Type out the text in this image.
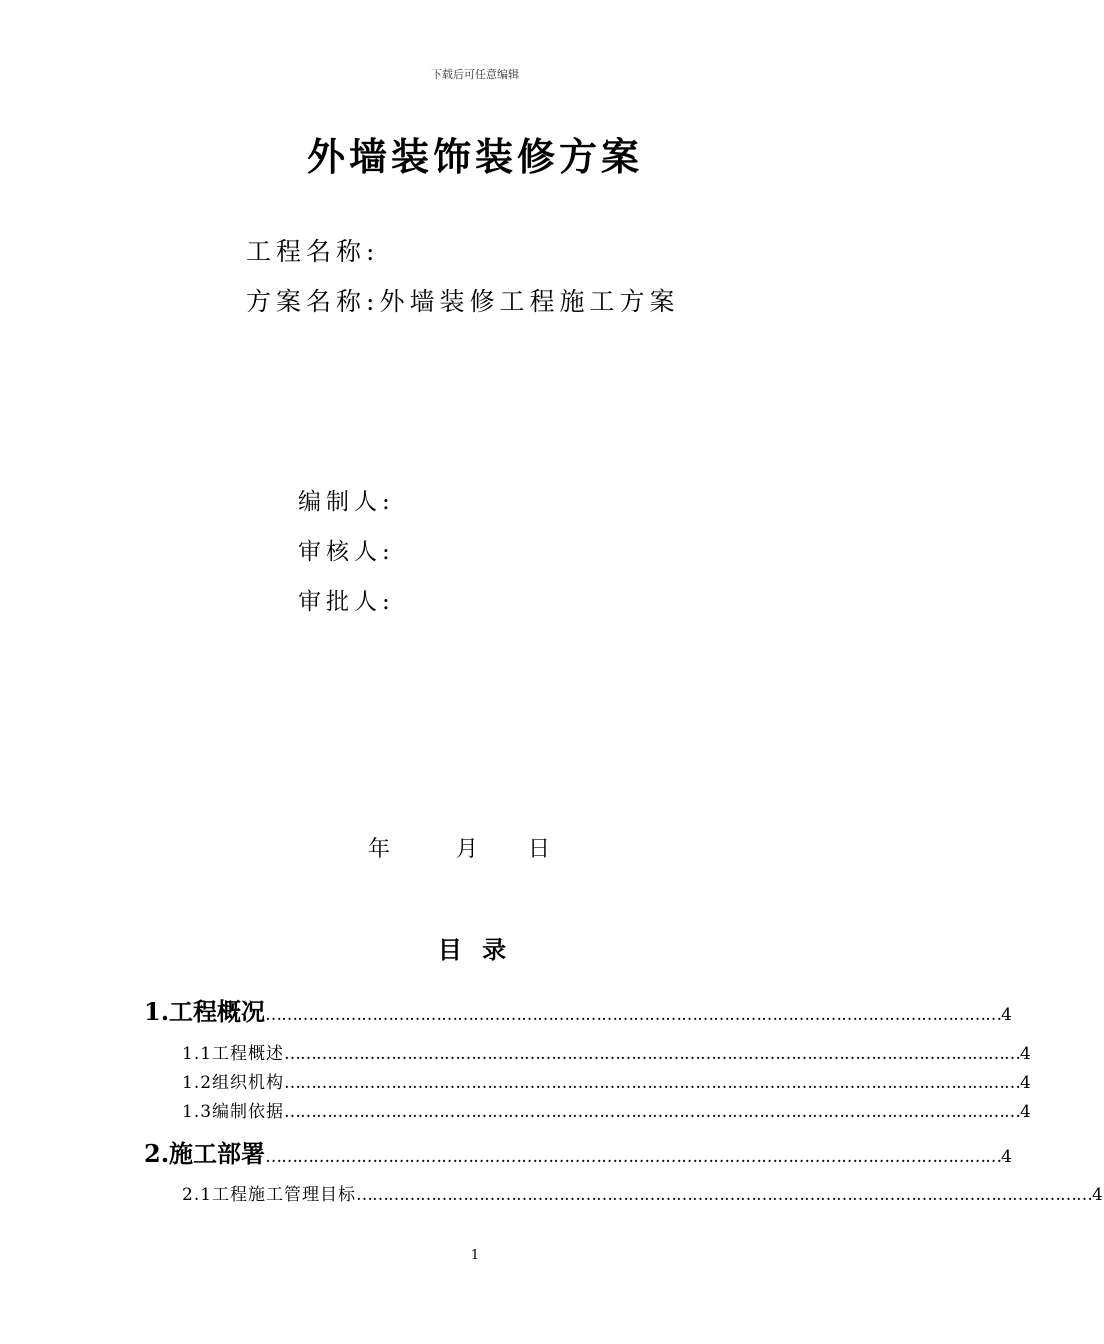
下载后可任意编辑
外墙装饰装修方案
工程名称:
方案名称:外墙装修工程施工方案
编制人:
审核人:
审批人:
年	月 日
目 录
1.工程概况 ………………………………………………………………………………………………………………………… 4
1.1工程概述 ………………………………………………………………………………………………………………………… 4
1.2组织机构 ………………………………………………………………………………………………………………………… 4
1.3编制依据 ………………………………………………………………………………………………………………………… 4
2.施工部署 ………………………………………………………………………………………………………………………… 4
2.1工程施工管理目标 ………………………………………………………………………………………………………………………… 4
1
